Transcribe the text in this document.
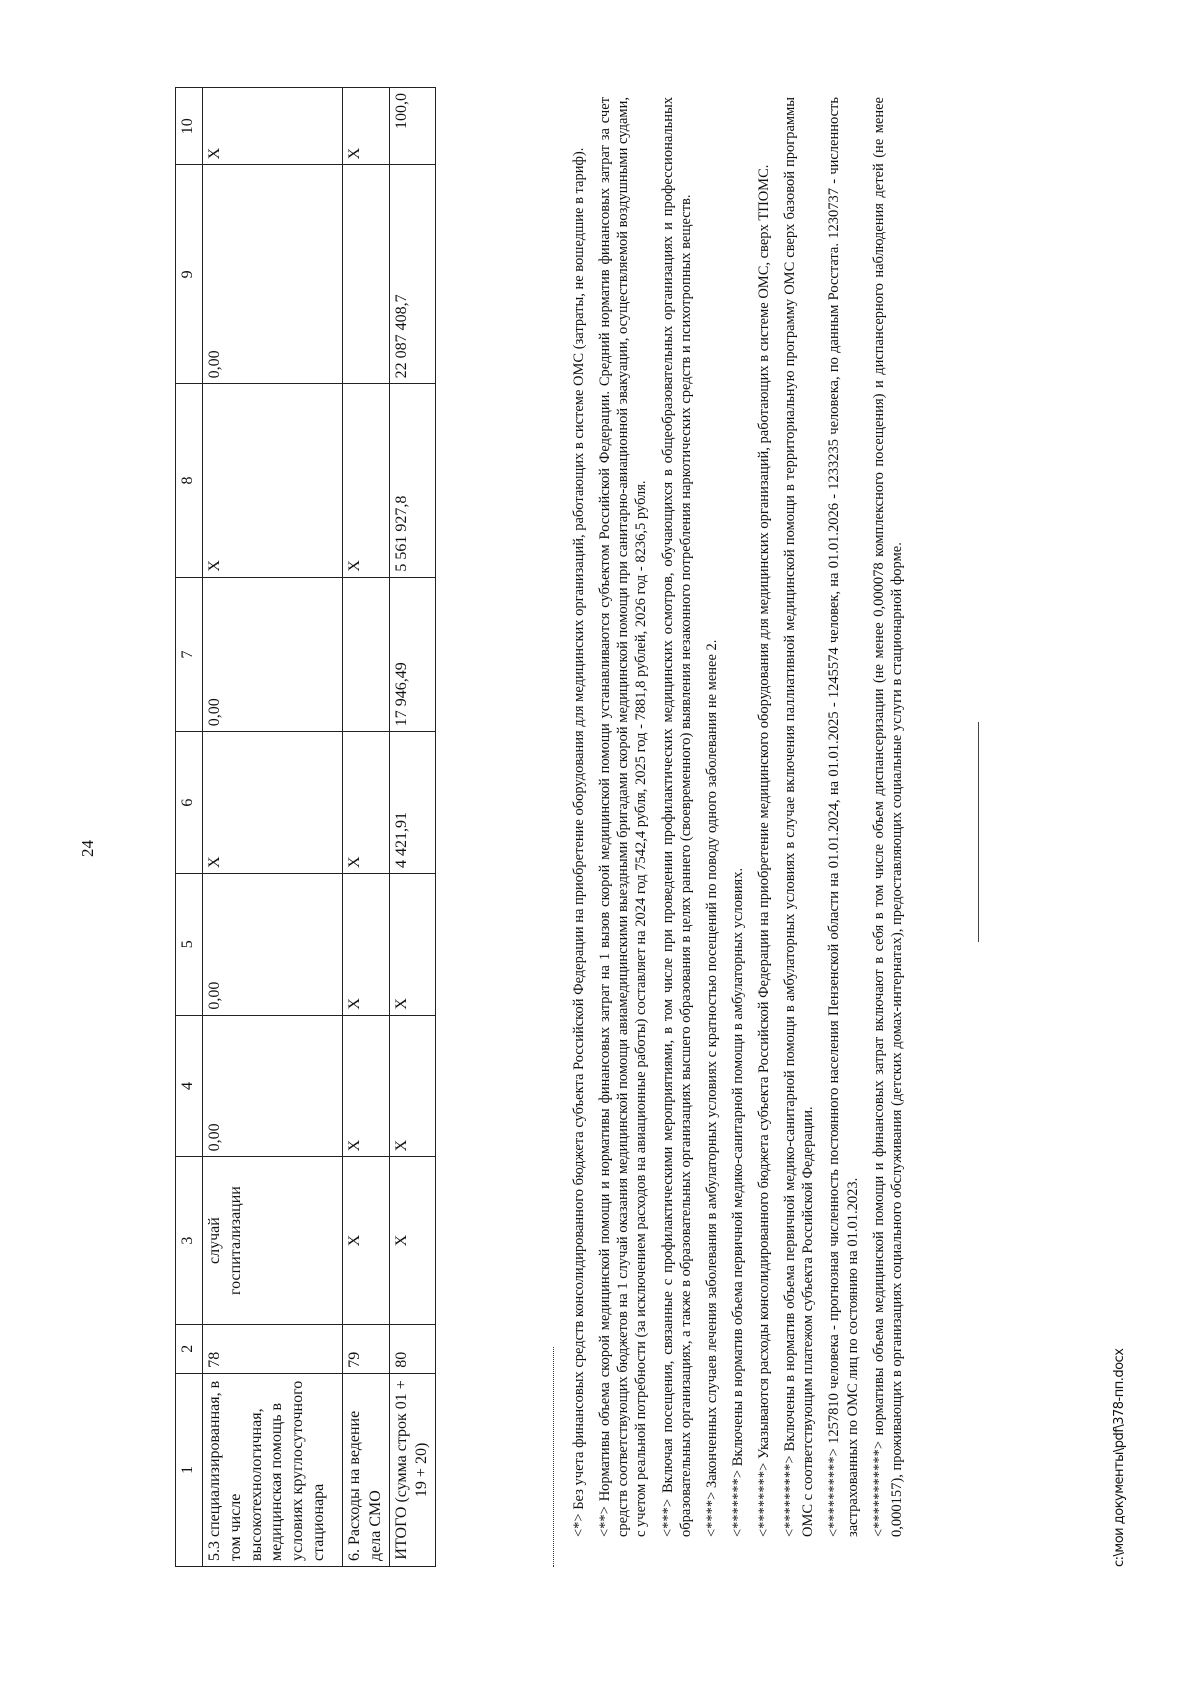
24
1	2	3	4	5	6	7	8	9	10
5.3 специализированная, в том числе высокотехнологичная, медицинская помощь в условиях круглосуточного стационара	78	случай госпитализации	0,00	0,00	X	0,00	X	0,00	X
6. Расходы на ведение дела СМО	79	X	X	X	X		X		X
ИТОГО (сумма строк 01 + 19 + 20)	80	X	X	X	4 421,91	17 946,49	5 561 927,8	22 087 408,7	100,0

<*> Без учета финансовых средств консолидированного бюджета субъекта Российской Федерации на приобретение оборудования для медицинских организаций, работающих в системе ОМС (затраты, не вошедшие в тариф). <**> Нормативы объема скорой медицинской помощи и нормативы финансовых затрат на 1 вызов скорой медицинской помощи устанавливаются субъектом Российской Федерации. Средний норматив финансовых затрат за счет средств соответствующих бюджетов на 1 случай оказания медицинской помощи авиамедицинскими выездными бригадами скорой медицинской помощи при санитарно-авиационной эвакуации, осуществляемой воздушными судами, с учетом реальной потребности (за исключением расходов на авиационные работы) составляет на 2024 год 7542,4 рубля, 2025 год - 7881,8 рублей, 2026 год - 8236,5 рубля. <***> Включая посещения, связанные с профилактическими мероприятиями, в том числе при проведении профилактических медицинских осмотров, обучающихся в общеобразовательных организациях и профессиональных образовательных организациях, а также в образовательных организациях высшего образования в целях раннего (своевременного) выявления незаконного потребления наркотических средств и психотропных веществ. <****> Законченных случаев лечения заболевания в амбулаторных условиях с кратностью посещений по поводу одного заболевания не менее 2. <*******> Включены в норматив объема первичной медико-санитарной помощи в амбулаторных условиях. <********> Указываются расходы консолидированного бюджета субъекта Российской Федерации на приобретение медицинского оборудования для медицинских организаций, работающих в системе ОМС, сверх ТПОМС. <*********> Включены в норматив объема первичной медико-санитарной помощи в амбулаторных условиях в случае включения паллиативной медицинской помощи в территориальную программу ОМС сверх базовой программы ОМС с соответствующим платежом субъекта Российской Федерации. <**********> 1257810 человека - прогнозная численность постоянного населения Пензенской области на 01.01.2024, на 01.01.2025 - 1245574 человек, на 01.01.2026 - 1233235 человека, по данным Росстата. 1230737 - численность застрахованных по ОМС лиц по состоянию на 01.01.2023. <***********> нормативы объема медицинской помощи и финансовых затрат включают в себя в том числе объем диспансеризации (не менее 0,000078 комплексного посещения) и диспансерного наблюдения детей (не менее 0,000157), проживающих в организациях социального обслуживания (детских домах-интернатах), предоставляющих социальные услуги в стационарной форме.	c:\мои документы\pdf\378-пп.docx
